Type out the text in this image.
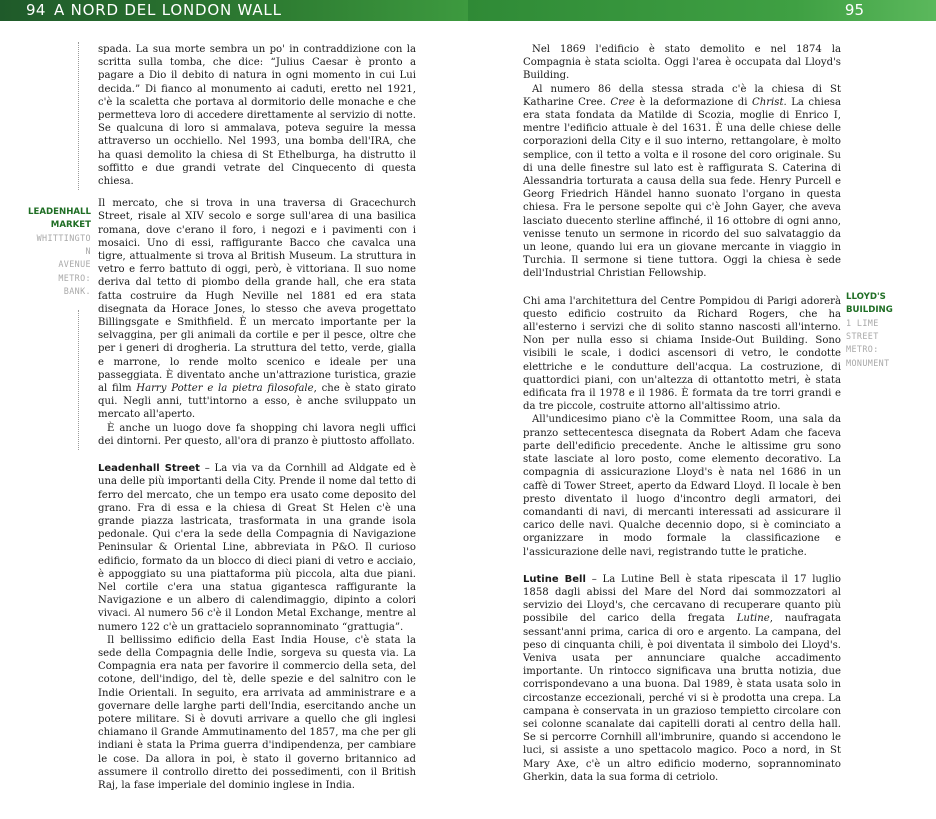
94 A NORD DEL LONDON WALL	95
LEADENHALL
MARKET
WHITTINGTO
N
AVENUE
METRO:
BANK.

spada. La sua morte sembra un po' in contraddizione con la scritta sulla tomba, che dice: “Julius Caesar è pronto a pagare a Dio il debito di natura in ogni momento in cui Lui decida.” Di fianco al monumento ai caduti, eretto nel 1921, c'è la scaletta che portava al dormitorio delle monache e che permetteva loro di accedere direttamente al servizio di notte. Se qualcuna di loro si ammalava, poteva seguire la messa attraverso un occhiello. Nel 1993, una bomba dell'IRA, che ha quasi demolito la chiesa di St Ethelburga, ha distrutto il soffitto e due grandi vetrate del Cinquecento di questa chiesa.

Il mercato, che si trova in una traversa di Gracechurch Street, risale al XIV secolo e sorge sull'area di una basilica romana, dove c'erano il foro, i negozi e i pavimenti con i mosaici. Uno di essi, raffigurante Bacco che cavalca una tigre, attualmente si trova al British Museum. La struttura in vetro e ferro battuto di oggi, però, è vittoriana. Il suo nome deriva dal tetto di piombo della grande hall, che era stata fatta costruire da Hugh Neville nel 1881 ed era stata disegnata da Horace Jones, lo stesso che aveva progettato Billingsgate e Smithfield. È un mercato importante per la selvaggina, per gli animali da cortile e per il pesce, oltre che per i generi di drogheria. La struttura del tetto, verde, gialla e marrone, lo rende molto scenico e ideale per una passeggiata. È diventato anche un'attrazione turistica, grazie al film Harry Potter e la pietra filosofale, che è stato girato qui. Negli anni, tutt'intorno a esso, è anche sviluppato un mercato all'aperto.

È anche un luogo dove fa shopping chi lavora negli uffici dei dintorni. Per questo, all'ora di pranzo è piuttosto affollato.

Leadenhall Street – La via va da Cornhill ad Aldgate ed è una delle più importanti della City. Prende il nome dal tetto di ferro del mercato, che un tempo era usato come deposito del grano. Fra di essa e la chiesa di Great St Helen c'è una grande piazza lastricata, trasformata in una grande isola pedonale. Qui c'era la sede della Compagnia di Navigazione Peninsular & Oriental Line, abbreviata in P&O. Il curioso edificio, formato da un blocco di dieci piani di vetro e acciaio, è appoggiato su una piattaforma più piccola, alta due piani. Nel cortile c'era una statua gigantesca raffigurante la Navigazione e un albero di calendimaggio, dipinto a colori vivaci. Al numero 56 c'è il London Metal Exchange, mentre al numero 122 c'è un grattacielo soprannominato “grattugia”.

Il bellissimo edificio della East India House, c'è stata la sede della Compagnia delle Indie, sorgeva su questa via. La Compagnia era nata per favorire il commercio della seta, del cotone, dell'indigo, del tè, delle spezie e del salnitro con le Indie Orientali. In seguito, era arrivata ad amministrare e a governare delle larghe parti dell'India, esercitando anche un potere militare. Si è dovuti arrivare a quello che gli inglesi chiamano il Grande Ammutinamento del 1857, ma che per gli indiani è stata la Prima guerra d'indipendenza, per cambiare le cose. Da allora in poi, è stato il governo britannico ad assumere il controllo diretto dei possedimenti, con il British Raj, la fase imperiale del dominio inglese in India.

Nel 1869 l'edificio è stato demolito e nel 1874 la Compagnia è stata sciolta. Oggi l'area è occupata dal Lloyd's Building.

Al numero 86 della stessa strada c'è la chiesa di St Katharine Cree. Cree è la deformazione di Christ. La chiesa era stata fondata da Matilde di Scozia, moglie di Enrico I, mentre l'edificio attuale è del 1631. È una delle chiese delle corporazioni della City e il suo interno, rettangolare, è molto semplice, con il tetto a volta e il rosone del coro originale. Su di una delle finestre sul lato est è raffigurata S. Caterina di Alessandria torturata a causa della sua fede. Henry Purcell e Georg Friedrich Händel hanno suonato l'organo in questa chiesa. Fra le persone sepolte qui c'è John Gayer, che aveva lasciato duecento sterline affinché, il 16 ottobre di ogni anno, venisse tenuto un sermone in ricordo del suo salvataggio da un leone, quando lui era un giovane mercante in viaggio in Turchia. Il sermone si tiene tuttora. Oggi la chiesa è sede dell'Industrial Christian Fellowship.

Chi ama l'architettura del Centre Pompidou di Parigi adorerà questo edificio costruito da Richard Rogers, che ha all'esterno i servizi che di solito stanno nascosti all'interno. Non per nulla esso si chiama Inside-Out Building. Sono visibili le scale, i dodici ascensori di vetro, le condotte elettriche e le condutture dell'acqua. La costruzione, di quattordici piani, con un'altezza di ottantotto metri, è stata edificata fra il 1978 e il 1986. È formata da tre torri grandi e da tre piccole, costruite attorno all'altissimo atrio.

All'undicesimo piano c'è la Committee Room, una sala da pranzo settecentesca disegnata da Robert Adam che faceva parte dell'edificio precedente. Anche le altissime gru sono state lasciate al loro posto, come elemento decorativo. La compagnia di assicurazione Lloyd's è nata nel 1686 in un caffè di Tower Street, aperto da Edward Lloyd. Il locale è ben presto diventato il luogo d'incontro degli armatori, dei comandanti di navi, di mercanti interessati ad assicurare il carico delle navi. Qualche decennio dopo, si è cominciato a organizzare in modo formale la classificazione e l'assicurazione delle navi, registrando tutte le pratiche.

Lutine Bell – La Lutine Bell è stata ripescata il 17 luglio 1858 dagli abissi del Mare del Nord dai sommozzatori al servizio dei Lloyd's, che cercavano di recuperare quanto più possibile del carico della fregata Lutine, naufragata sessant'anni prima, carica di oro e argento. La campana, del peso di cinquanta chili, è poi diventata il simbolo dei Lloyd's. Veniva usata per annunciare qualche accadimento importante. Un rintocco significava una brutta notizia, due corrispondevano a una buona. Dal 1989, è stata usata solo in circostanze eccezionali, perché vi si è prodotta una crepa. La campana è conservata in un grazioso tempietto circolare con sei colonne scanalate dai capitelli dorati al centro della hall. Se si percorre Cornhill all'imbrunire, quando si accendono le luci, si assiste a uno spettacolo magico. Poco a nord, in St Mary Axe, c'è un altro edificio moderno, soprannominato Gherkin, data la sua forma di cetriolo.

LLOYD'S
BUILDING
1 LIME
STREET
METRO:
MONUMENT
